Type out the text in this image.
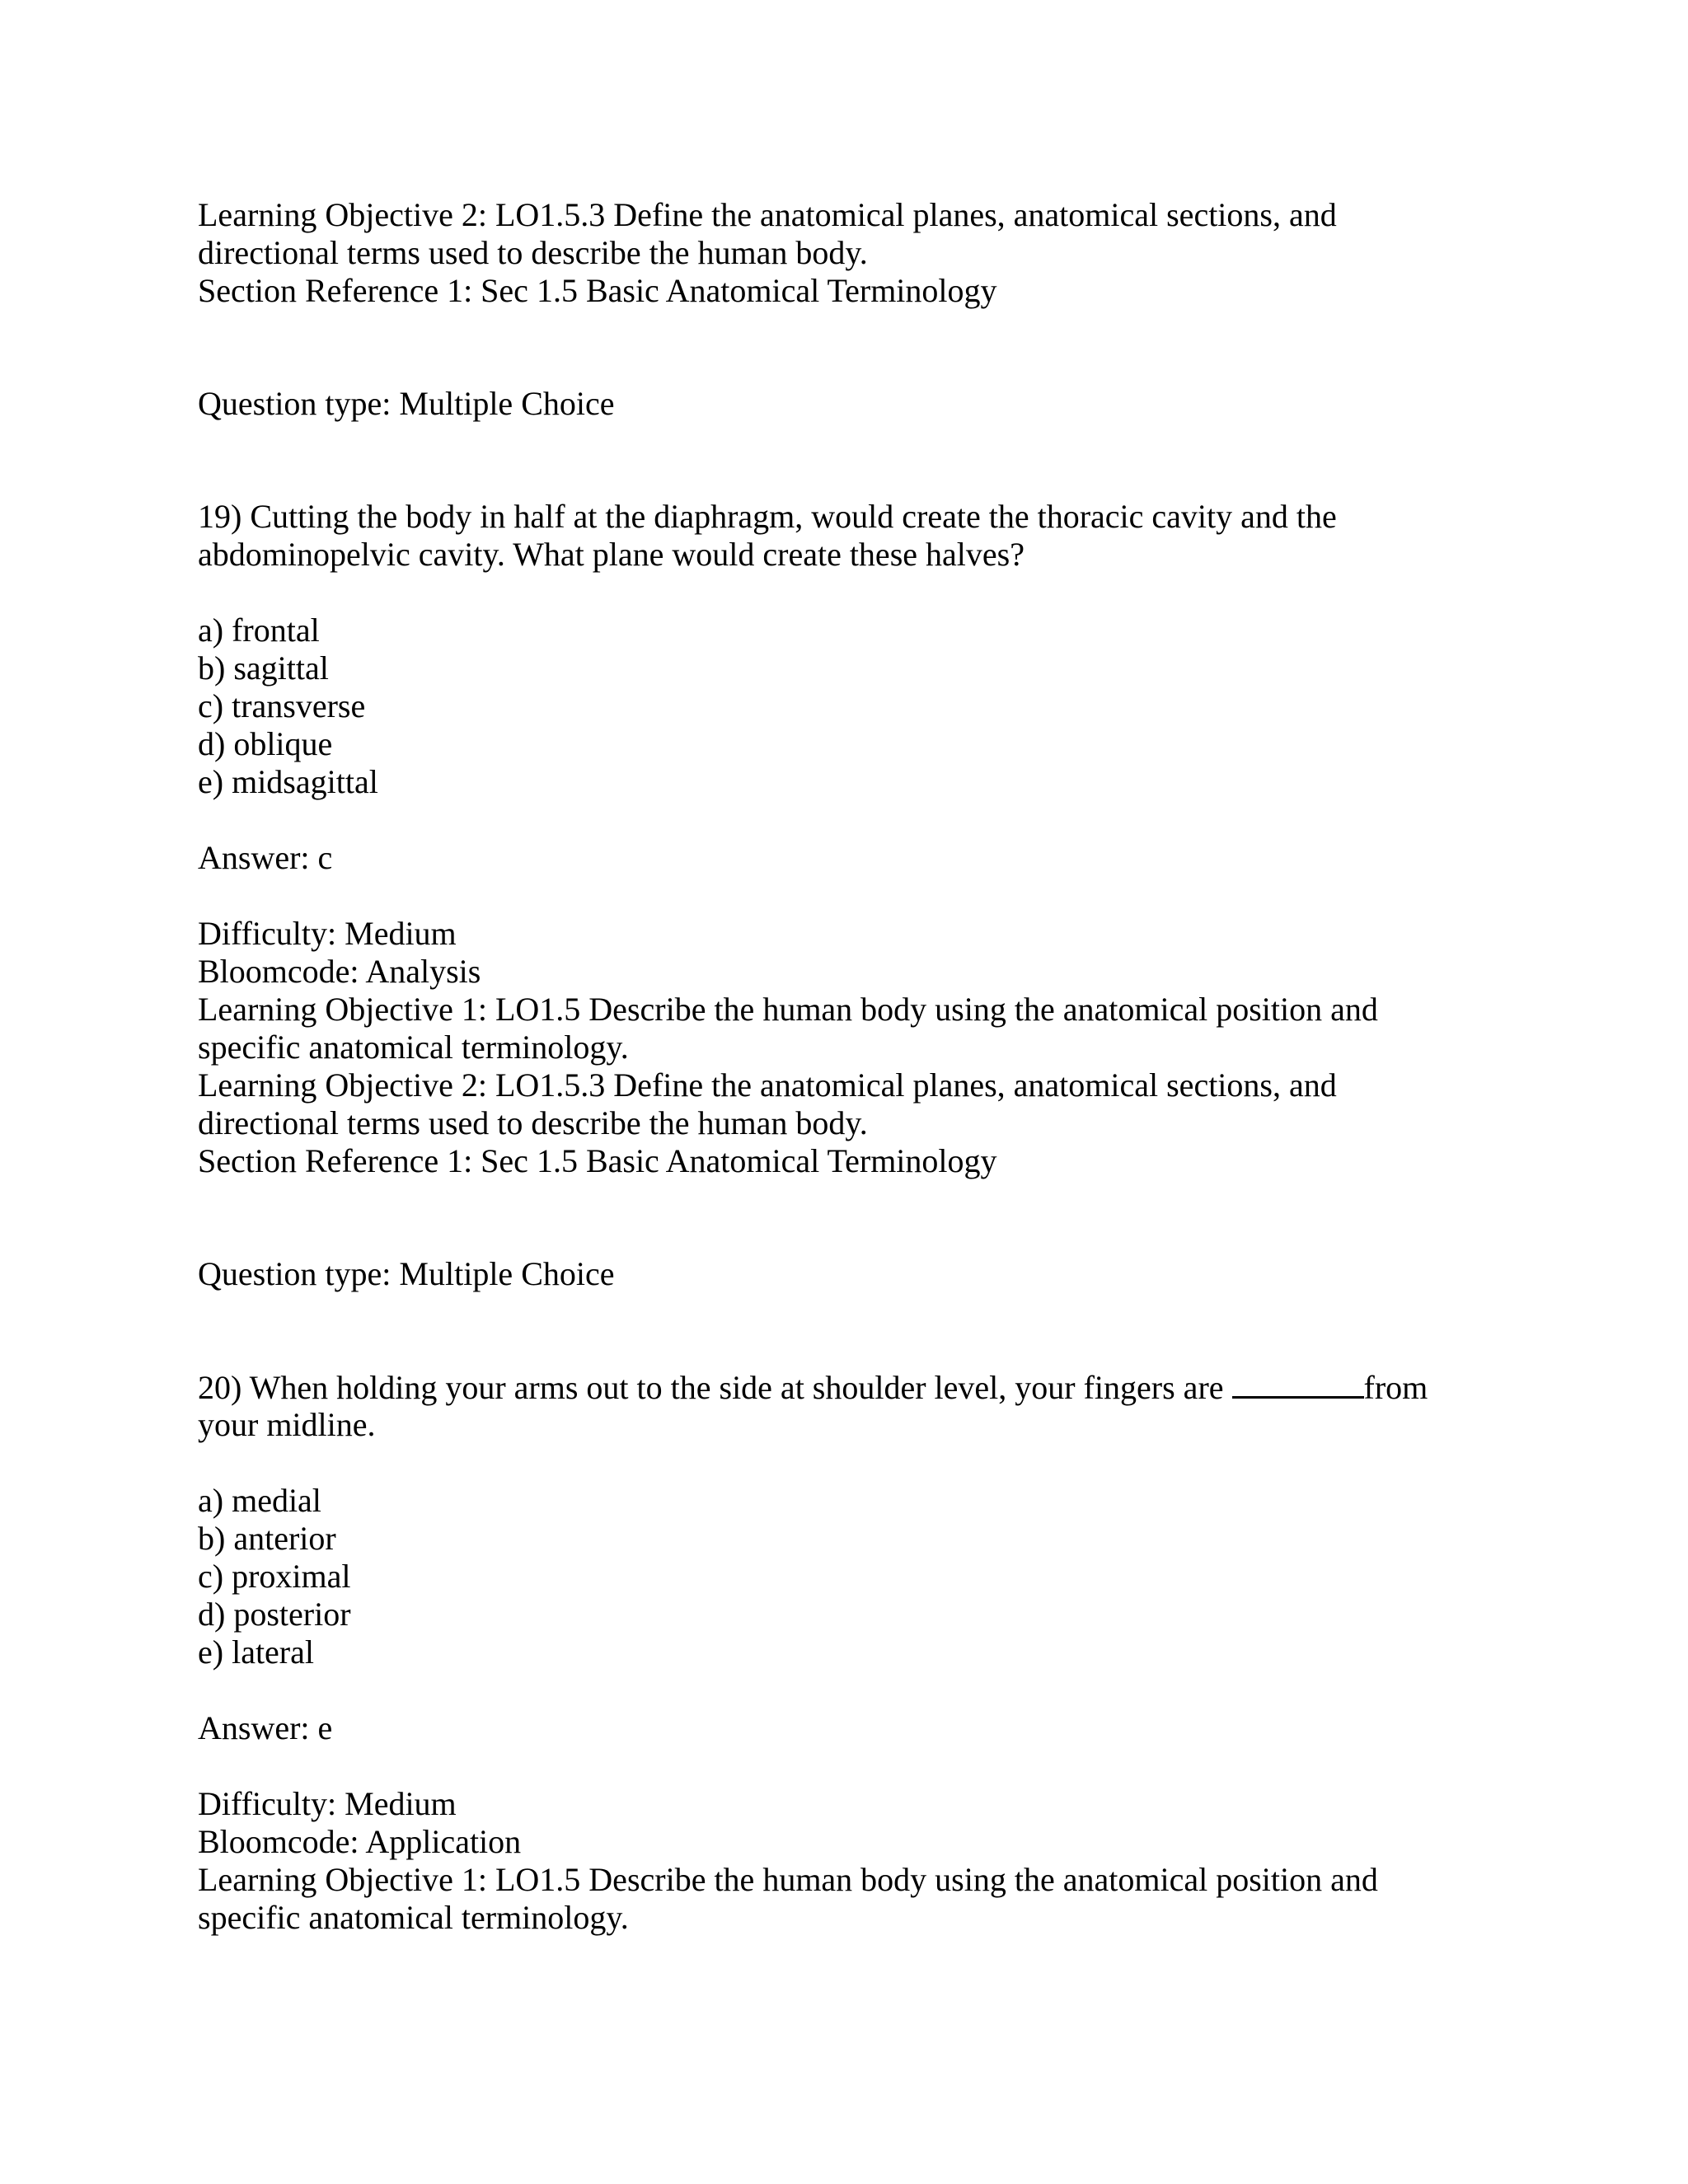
Learning Objective 2: LO1.5.3 Define the anatomical planes, anatomical sections, and
directional terms used to describe the human body.
Section Reference 1: Sec 1.5 Basic Anatomical Terminology
Question type: Multiple Choice
19) Cutting the body in half at the diaphragm, would create the thoracic cavity and the
abdominopelvic cavity. What plane would create these halves?
a) frontal
b) sagittal
c) transverse
d) oblique
e) midsagittal
Answer: c
Difficulty: Medium
Bloomcode: Analysis
Learning Objective 1: LO1.5 Describe the human body using the anatomical position and
specific anatomical terminology.
Learning Objective 2: LO1.5.3 Define the anatomical planes, anatomical sections, and
directional terms used to describe the human body.
Section Reference 1: Sec 1.5 Basic Anatomical Terminology
Question type: Multiple Choice
20) When holding your arms out to the side at shoulder level, your fingers are	from
your midline.
a) medial
b) anterior
c) proximal
d) posterior
e) lateral
Answer: e
Difficulty: Medium
Bloomcode: Application
Learning Objective 1: LO1.5 Describe the human body using the anatomical position and
specific anatomical terminology.
